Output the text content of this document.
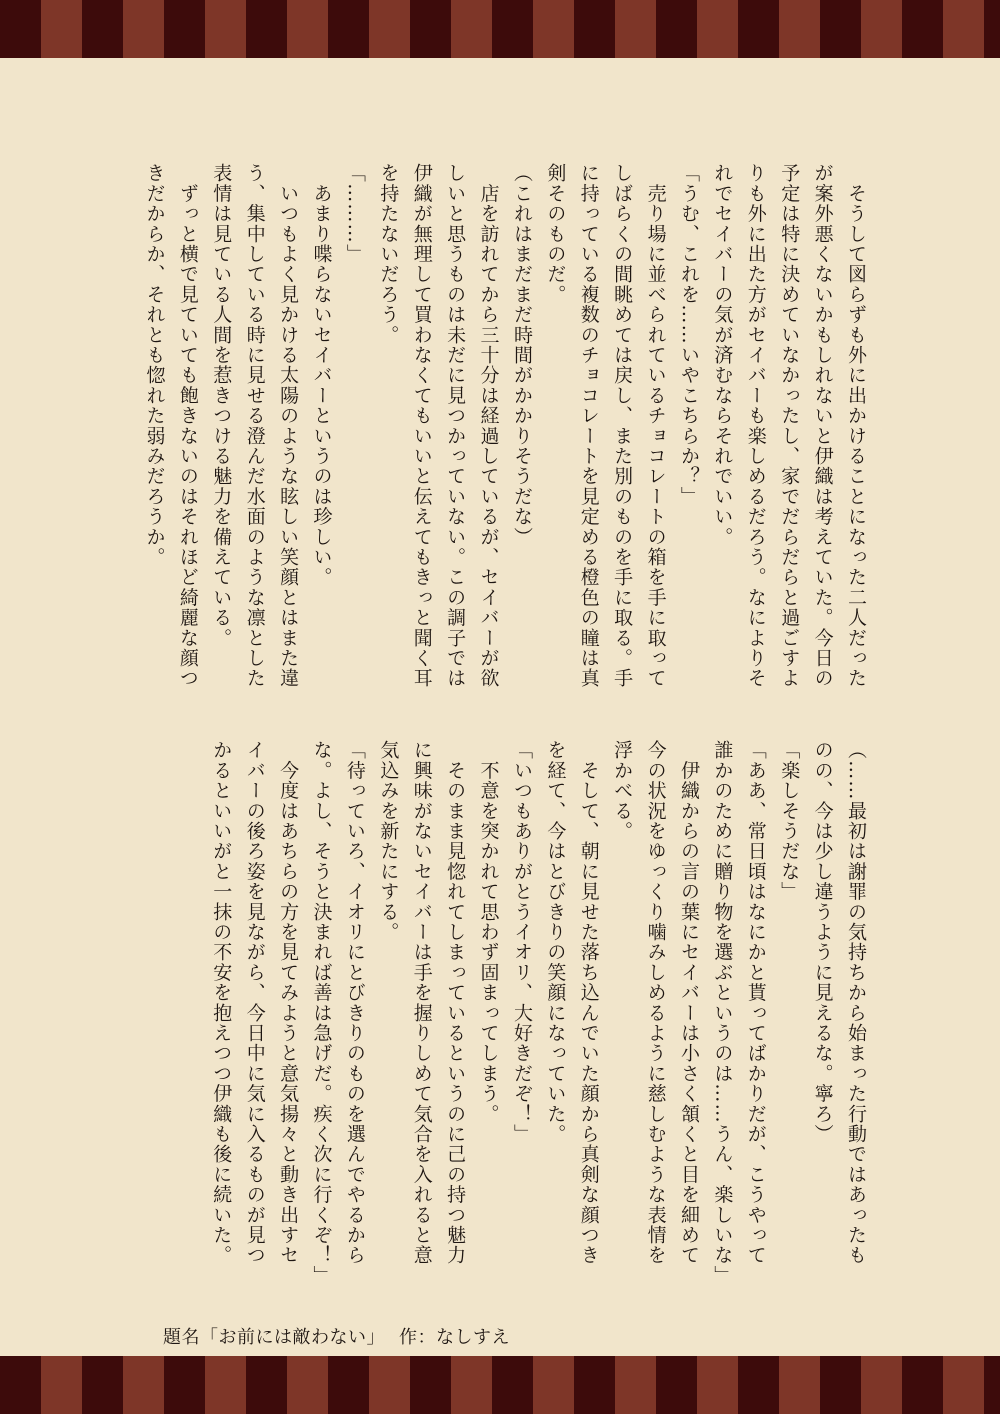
　そうして図らずも外に出かけることになった二人だった

が案外悪くないかもしれないと伊織は考えていた。今日の

予定は特に決めていなかったし、家でだらだらと過ごすよ

りも外に出た方がセイバーも楽しめるだろう。なによりそ

れでセイバーの気が済むならそれでいい。

「うむ、これを……いやこちらか？」

　売り場に並べられているチョコレートの箱を手に取って

しばらくの間眺めては戻し、また別のものを手に取る。手

に持っている複数のチョコレートを見定める橙色の瞳は真

剣そのものだ。

（これはまだまだ時間がかかりそうだな）

　店を訪れてから三十分は経過しているが、セイバーが欲

しいと思うものは未だに見つかっていない。この調子では

伊織が無理して買わなくてもいいと伝えてもきっと聞く耳

を持たないだろう。

「………」

　あまり喋らないセイバーというのは珍しい。

　いつもよく見かける太陽のような眩しい笑顔とはまた違

う、集中している時に見せる澄んだ水面のような凛とした

表情は見ている人間を惹きつける魅力を備えている。

　ずっと横で見ていても飽きないのはそれほど綺麗な顔つ

きだからか、それとも惚れた弱みだろうか。

（……最初は謝罪の気持ちから始まった行動ではあったも

のの、今は少し違うように見えるな。寧ろ）

「楽しそうだな」

「ああ、常日頃はなにかと貰ってばかりだが、こうやって

誰かのために贈り物を選ぶというのは……うん、楽しいな」

　伊織からの言の葉にセイバーは小さく頷くと目を細めて

今の状況をゆっくり噛みしめるように慈しむような表情を

浮かべる。

　そして、朝に見せた落ち込んでいた顔から真剣な顔つき

を経て、今はとびきりの笑顔になっていた。

「いつもありがとうイオリ、大好きだぞ！」

　不意を突かれて思わず固まってしまう。

　そのまま見惚れてしまっているというのに己の持つ魅力

に興味がないセイバーは手を握りしめて気合を入れると意

気込みを新たにする。

「待っていろ、イオリにとびきりのものを選んでやるから

な。よし、そうと決まれば善は急げだ。疾く次に行くぞ！」

　今度はあちらの方を見てみようと意気揚々と動き出すセ

イバーの後ろ姿を見ながら、今日中に気に入るものが見つ

かるといいがと一抹の不安を抱えつつ伊織も後に続いた。

題名「お前には敵わない」 作：なしすえ
